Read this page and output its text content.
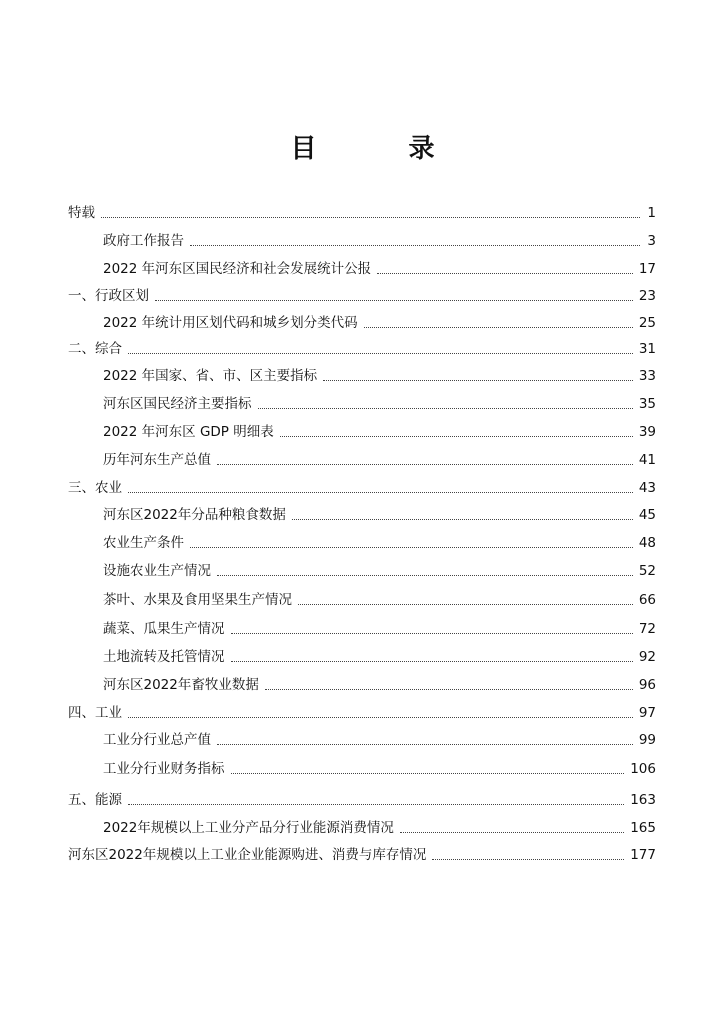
目	录
特载	1
政府工作报告	3
2022 年河东区国民经济和社会发展统计公报	17
一、行政区划	23
2022 年统计用区划代码和城乡划分类代码	25
二、综合	31
2022 年国家、省、市、区主要指标	33
河东区国民经济主要指标	35
2022 年河东区 GDP 明细表	39
历年河东生产总值	41
三、农业	43
河东区2022年分品种粮食数据	45
农业生产条件	48
设施农业生产情况	52
茶叶、水果及食用坚果生产情况	66
蔬菜、瓜果生产情况	72
土地流转及托管情况	92
河东区2022年畜牧业数据	96
四、工业	97
工业分行业总产值	99
工业分行业财务指标	106
五、能源	163
2022年规模以上工业分产品分行业能源消费情况	165
河东区2022年规模以上工业企业能源购进、消费与库存情况	177
